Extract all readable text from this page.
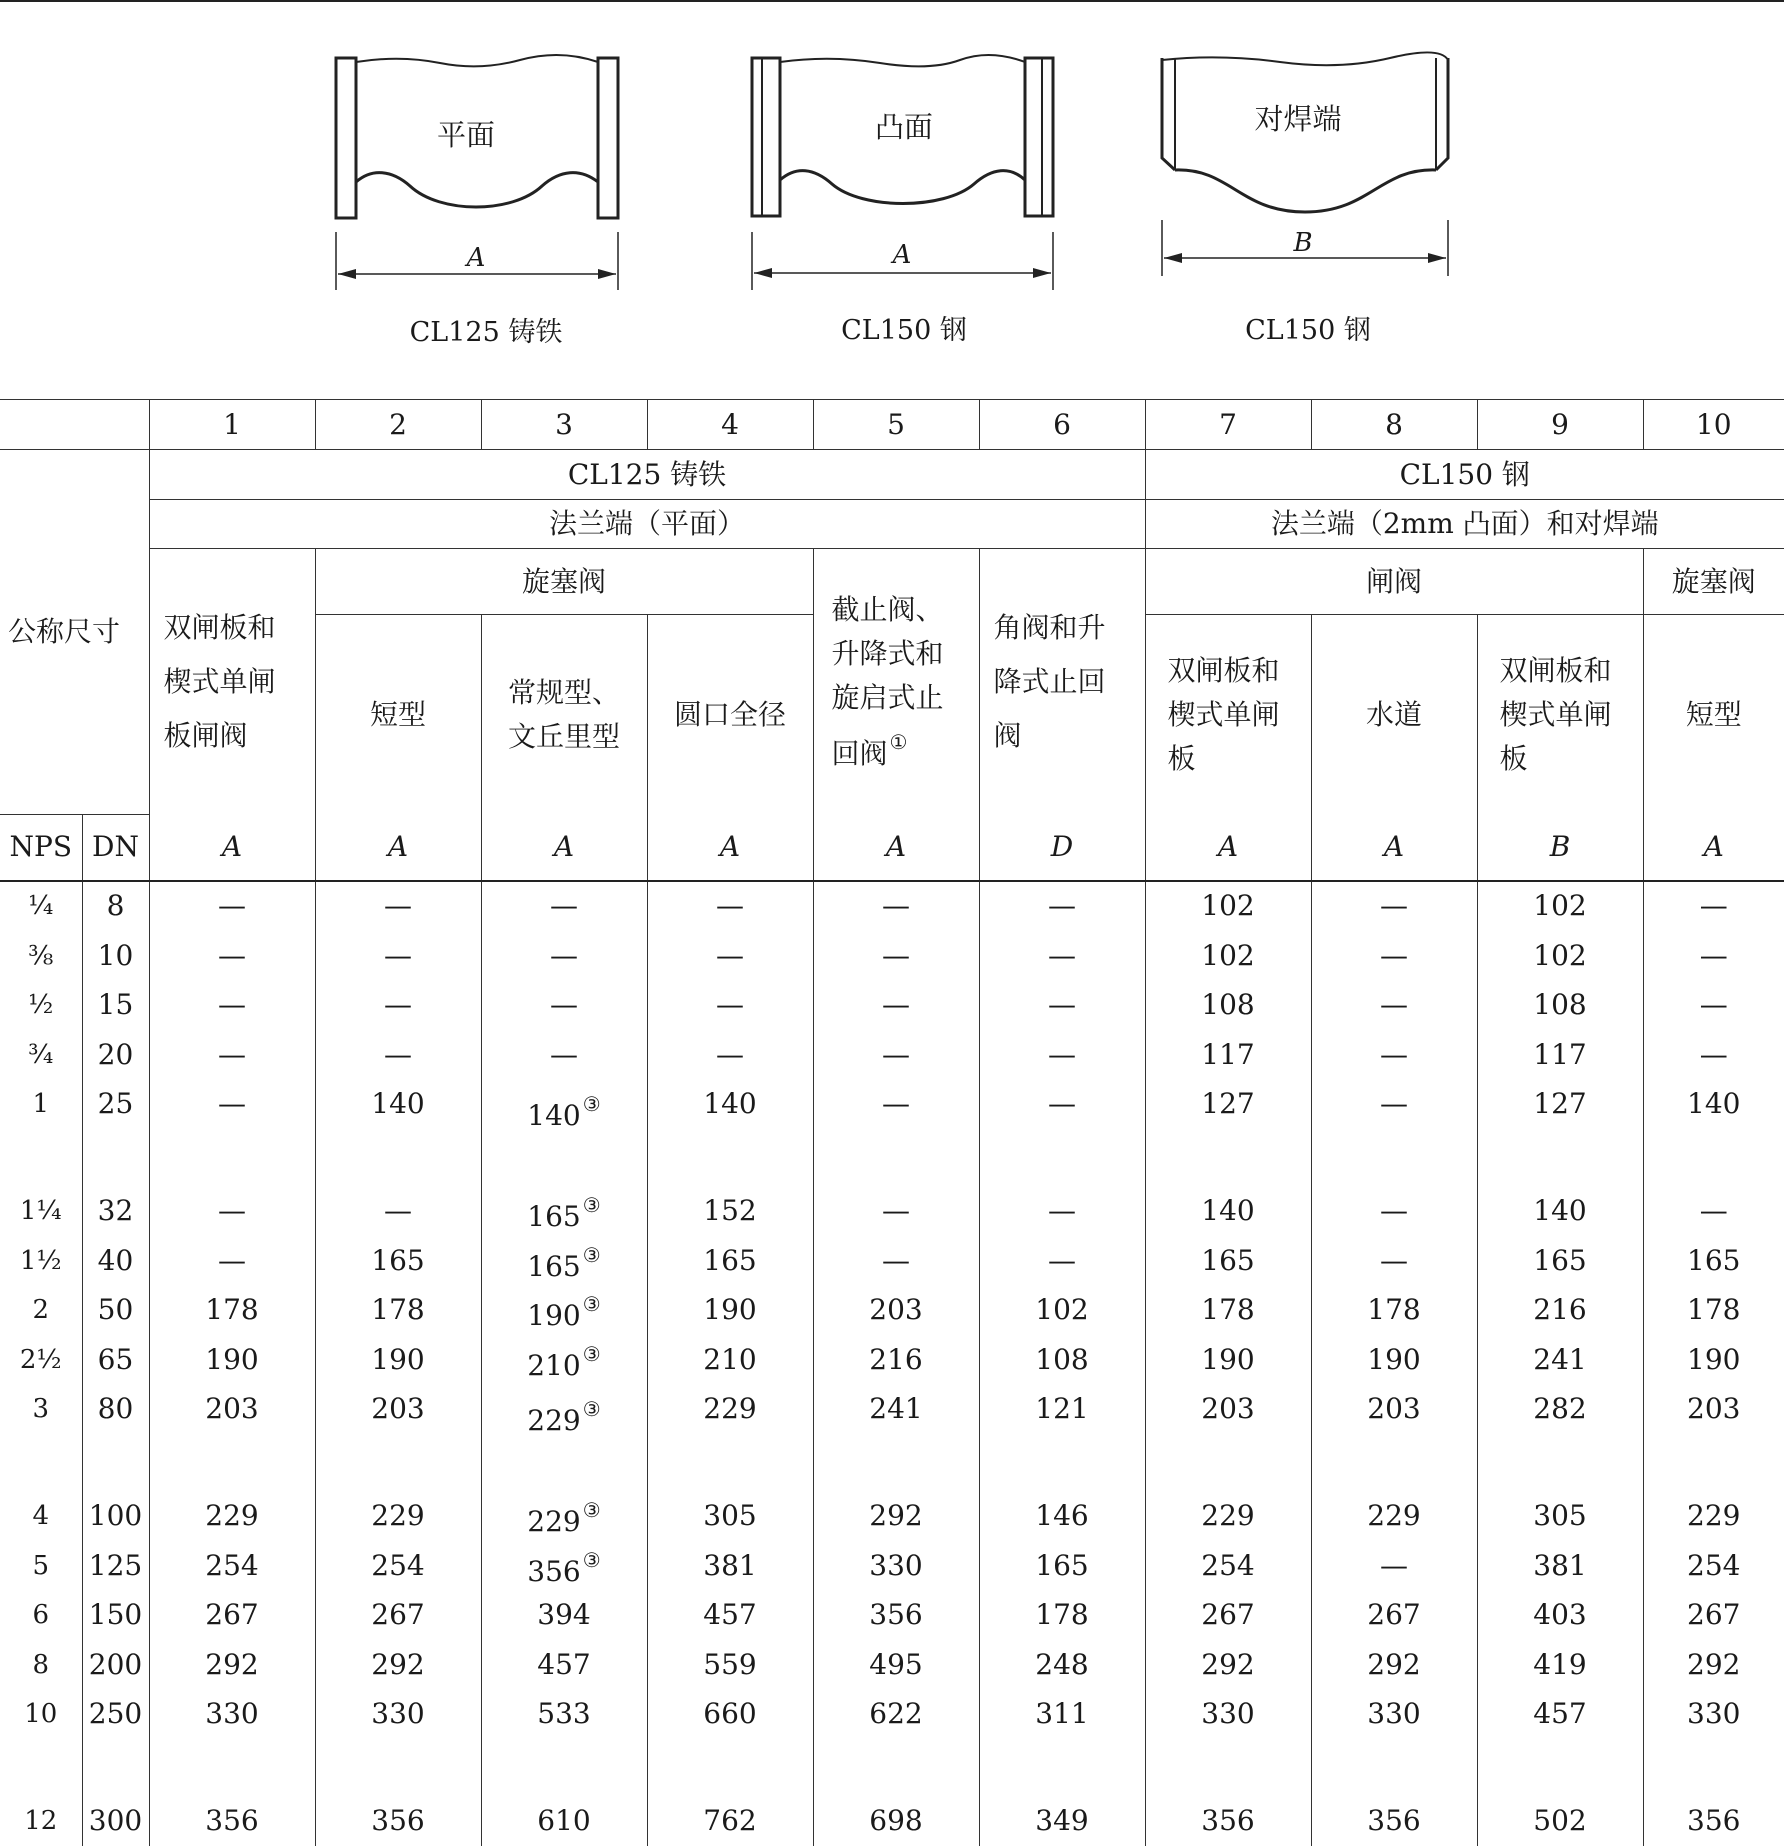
平面
A
CL125 铸铁
凸面
A
CL150 钢
对焊端
B
CL150 钢
		1	2	3	4	5	6	7	8	9	10
公称尺寸		CL125 铸铁						CL150 钢			
		法兰端（平面）						法兰端（2mm 凸面）和对焊端			
		双闸板和楔式单闸板闸阀	旋塞阀			截止阀、升降式和旋启式止回阀 ①	角阀和升降式止回阀	闸阀			旋塞阀
			短型	常规型、文丘里型	圆口全径			双闸板和楔式单闸板	水道	双闸板和楔式单闸板	短型
NPS	DN	A	A	A	A	A	D	A	A	B	A
¼	8	—	—	—	—	—	—	102	—	102	—
⅜	10	—	—	—	—	—	—	102	—	102	—
½	15	—	—	—	—	—	—	108	—	108	—
¾	20	—	—	—	—	—	—	117	—	117	—
1	25	—	140	140 ③	140	—	—	127	—	127	140
1¼	32	—	—	165 ③	152	—	—	140	—	140	—
1½	40	—	165	165 ③	165	—	—	165	—	165	165
2	50	178	178	190 ③	190	203	102	178	178	216	178
2½	65	190	190	210 ③	210	216	108	190	190	241	190
3	80	203	203	229 ③	229	241	121	203	203	282	203
4	100	229	229	229 ③	305	292	146	229	229	305	229
5	125	254	254	356 ③	381	330	165	254	—	381	254
6	150	267	267	394	457	356	178	267	267	403	267
8	200	292	292	457	559	495	248	292	292	419	292
10	250	330	330	533	660	622	311	330	330	457	330
12	300	356	356	610	762	698	349	356	356	502	356
